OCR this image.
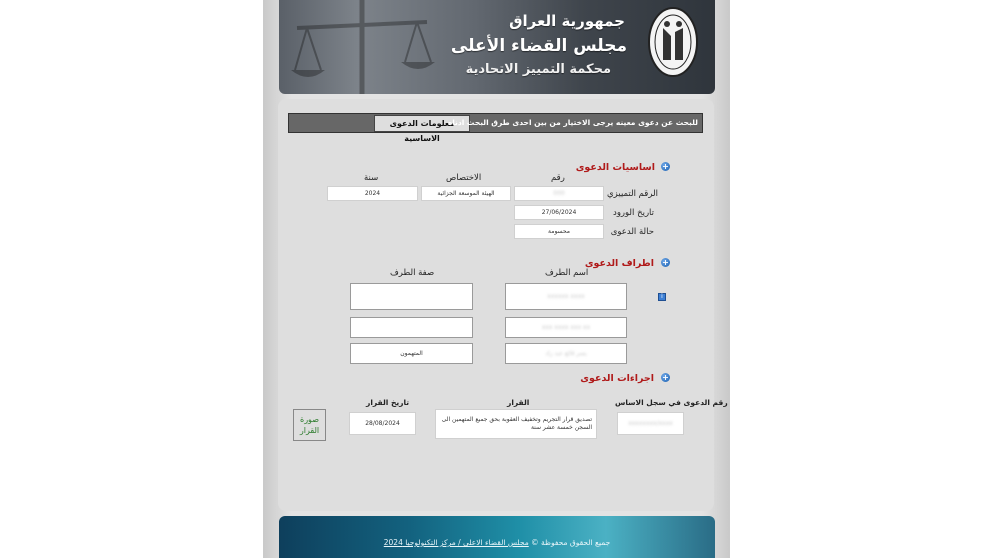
جمهورية العراق
مجلس القضاء الأعلى
محكمة التمييز الاتحادية
معلومات الدعوى الاساسية
للبحث عن دعوى معينه يرجى الاختيار من بين احدى طرق البحث ادناه
+
اساسيات الدعوى
رقم
الاختصاص
سنة
الرقم التمييزي
تاريخ الورود
حالة الدعوى
000
الهيئة الموسعة الجزائية
2024
27/06/2024
محسومة
+
اطراف الدعوى
اسم الطرف
صفة الطرف
i
xxxxxx xxxx
xxx xxxx xxx xx
يسر قائع عبد زاد
المتهمون
+
اجراءات الدعوى
رقم الدعوى في سجل الاساس
القرار
تاريخ القرار
صورة القرار
28/08/2024
تصديق قرار التجريم وتخفيف العقوبة بحق جميع المتهمين الى السجن خمسة عشر سنة
xxxxxxxx/xxxx
جميع الحقوق محفوظة © مجلس القضاء الاعلى / مركز التكنولوجيا 2024
